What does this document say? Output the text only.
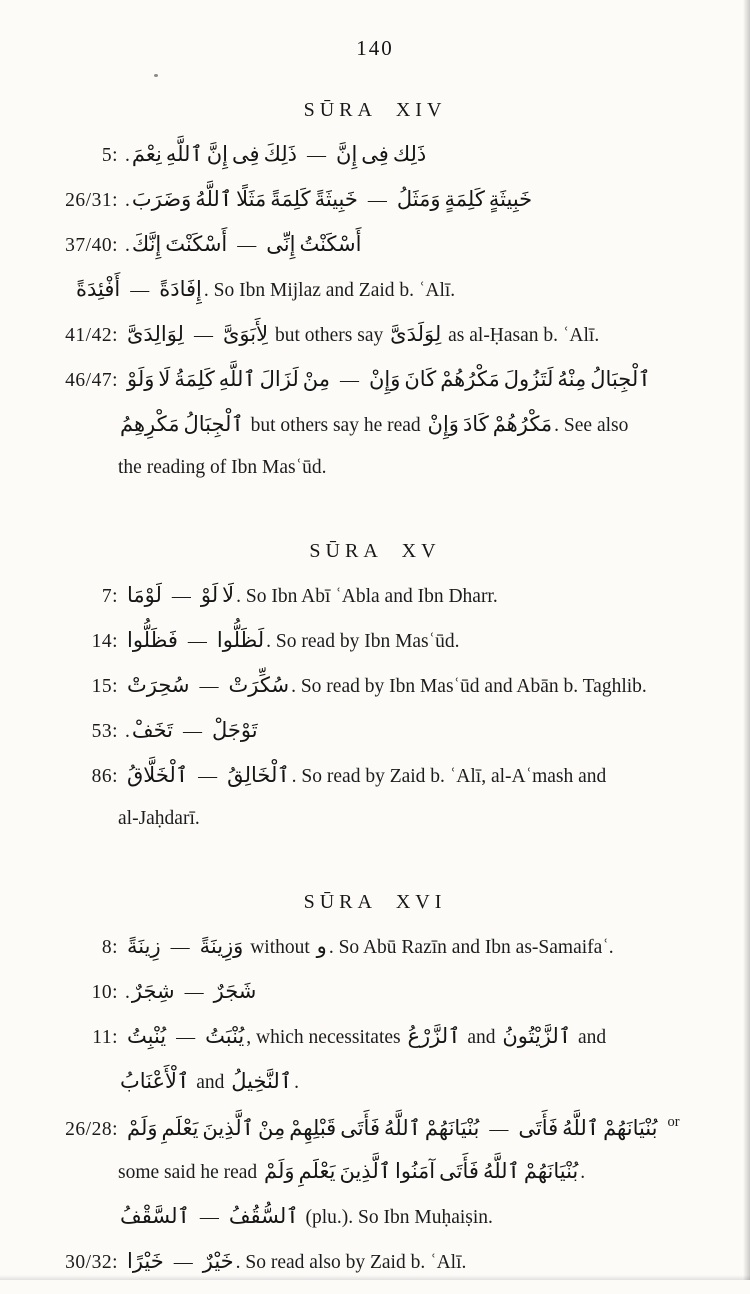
140
SŪRA XIV
5: .نِعْمَ ٱللَّهِ إِنَّ فِى ذَلِكَ — إِنَّ فِى ذَلِك
26/31: .وَضَرَبَ ٱللَّهُ مَثَلًا كَلِمَةً خَبِيثَةً — وَمَثَلُ كَلِمَةٍ خَبِيثَةٍ
37/40: .إِنَّكَ أَسْكَنْتَ — إِنِّى أَسْكَنْتُ
أَفْئِدَةً — إِفَادَةً . So Ibn Mijlaz and Zaid b. ʿAlī.
41/42: لِوَالِدَىَّ — لِأَبَوَىَّ but others say لِوَلَدَىَّ as al-Ḥasan b. ʿAlī.
46/47: وَلَوْ لَا كَلِمَةُ ٱللَّهِ لَزَالَ مِنْ — وَإِنْ كَانَ مَكْرُهُمْ لَتَزُولَ مِنْهُ ٱلْجِبَالُ
مَكْرِهِمُ ٱلْجِبَالُ but others say he read وَإِنْ كَادَ مَكْرُهُمْ . See also
the reading of Ibn Masʿūd.
SŪRA XV
7: لَوْمَا — لَوْ لَا . So Ibn Abī ʿAbla and Ibn Dharr.
14: فَظَلُّوا — لَظَلُّوا . So read by Ibn Masʿūd.
15: سُحِرَتْ — سُكِّرَتْ . So read by Ibn Masʿūd and Abān b. Taghlib.
53: .تَخَفْ — تَوْجَلْ
86: ٱلْخَلَّاقُ — ٱلْخَالِقُ . So read by Zaid b. ʿAlī, al-Aʿmash and
al-Jaḥdarī.
SŪRA XVI
8: زِينَةً — وَزِينَةً without و . So Abū Razīn and Ibn as-Samaifaʿ.
10: .شِجَرٌ — شَجَرٌ
11: يُنْبِتُ — يُنْبَتُ , which necessitates ٱلزَّرْعُ and ٱلزَّيْتُونُ and
ٱلْأَعْنَابُ and ٱلنَّخِيلُ .
26/28: وَلَمْ يَعْلَمِ ٱلَّذِينَ مِنْ قَبْلِهِمْ فَأَتَى ٱللَّهُ بُنْيَانَهُمْ — فَأَتَى ٱللَّهُ بُنْيَانَهُمْ $^{or}$
some said he read وَلَمْ يَعْلَمِ ٱلَّذِينَ آمَنُوا فَأَتَى ٱللَّهُ بُنْيَانَهُمْ .
ٱلسَّقْفُ — ٱلسُّقُفُ (plu.). So Ibn Muḥaiṣin.
30/32: خَيْرًا — خَيْرٌ . So read also by Zaid b. ʿAlī.
